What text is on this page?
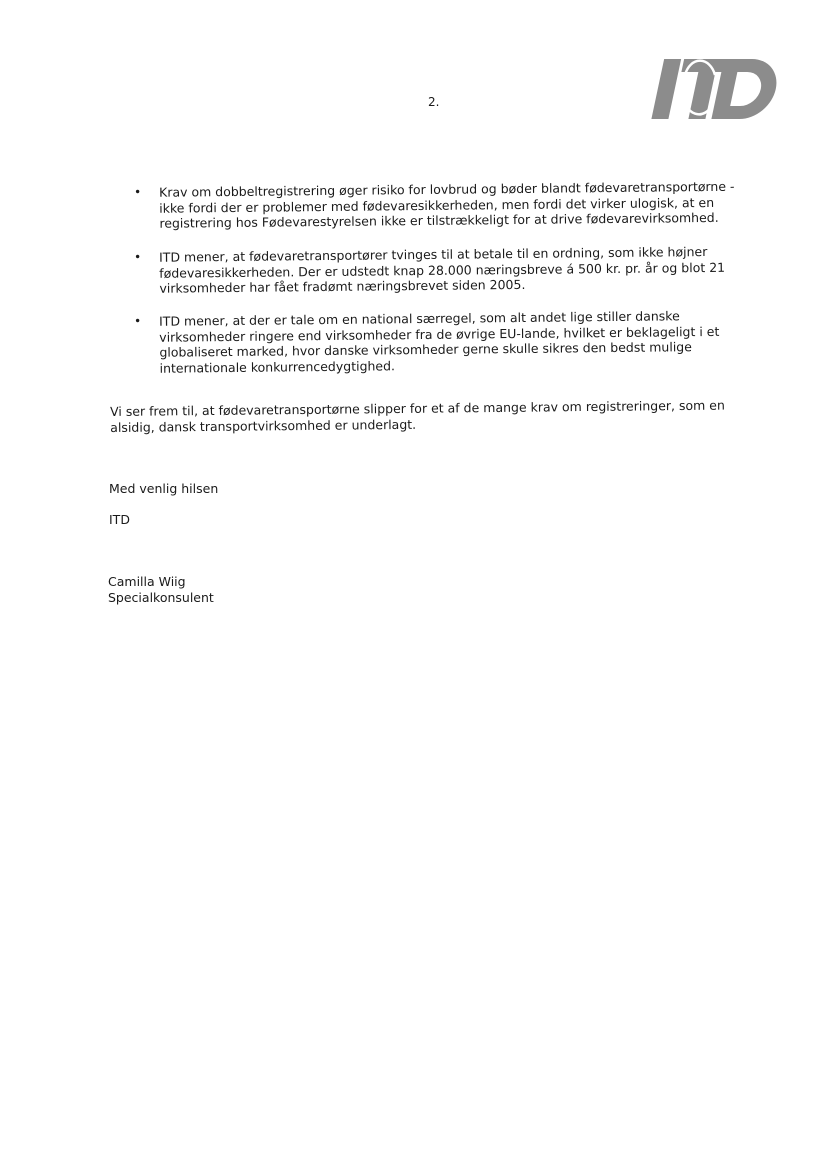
2.
• Krav om dobbeltregistrering øger risiko for lovbrud og bøder blandt fødevaretransportørne - ikke fordi der er problemer med fødevaresikkerheden, men fordi det virker ulogisk, at en registrering hos Fødevarestyrelsen ikke er tilstrækkeligt for at drive fødevarevirksomhed.
• ITD mener, at fødevaretransportører tvinges til at betale til en ordning, som ikke højner fødevaresikkerheden. Der er udstedt knap 28.000 næringsbreve á 500 kr. pr. år og blot 21 virksomheder har fået fradømt næringsbrevet siden 2005.
• ITD mener, at der er tale om en national særregel, som alt andet lige stiller danske virksomheder ringere end virksomheder fra de øvrige EU-lande, hvilket er beklageligt i et globaliseret marked, hvor danske virksomheder gerne skulle sikres den bedst mulige internationale konkurrencedygtighed.

Vi ser frem til, at fødevaretransportørne slipper for et af de mange krav om registreringer, som en alsidig, dansk transportvirksomhed er underlagt.

Med venlig hilsen

ITD

Camilla Wiig

Specialkonsulent
